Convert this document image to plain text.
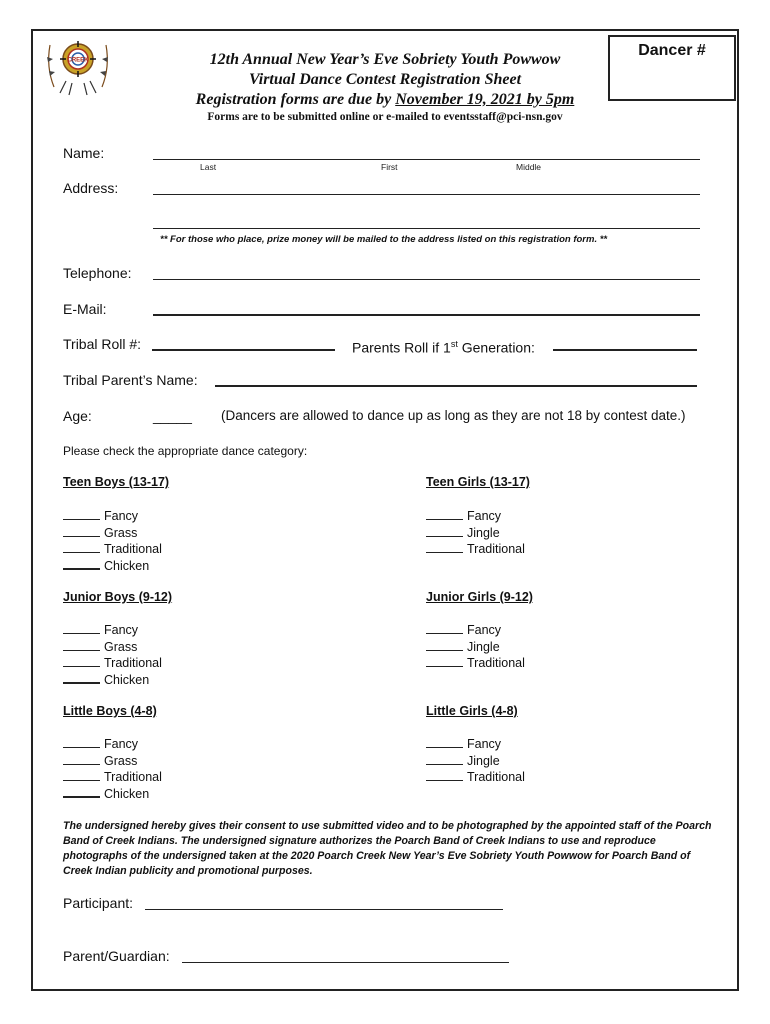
CREEK	12th Annual New Year’s Eve Sobriety Youth Powwow
Virtual Dance Contest Registration Sheet
Registration forms are due by November 19, 2021 by 5pm
Forms are to be submitted online or e-mailed to eventsstaff@pci-nsn.gov
Dancer #
Name:
Last	First	Middle
Address:
** For those who place, prize money will be mailed to the address listed on this registration form. **
Telephone:
E-Mail:
Tribal Roll #:	Parents Roll if 1st Generation:
Tribal Parent’s Name:
Age:	_____ (Dancers are allowed to dance up as long as they are not 18 by contest date.)
Please check the appropriate dance category:
Teen Boys (13-17)
Fancy
Grass
Traditional
Chicken
Teen Girls (13-17)
Fancy
Jingle
Traditional
Junior Boys (9-12)
Fancy
Grass
Traditional
Chicken
Junior Girls (9-12)
Fancy
Jingle
Traditional
Little Boys (4-8)
Fancy
Grass
Traditional
Chicken
Little Girls (4-8)
Fancy
Jingle
Traditional
The undersigned hereby gives their consent to use submitted video and to be photographed by the appointed staff of the Poarch Band of Creek Indians. The undersigned signature authorizes the Poarch Band of Creek Indians to use and reproduce photographs of the undersigned taken at the 2020 Poarch Creek New Year’s Eve Sobriety Youth Powwow for Poarch Band of Creek Indian publicity and promotional purposes.
Participant:
Parent/Guardian:
